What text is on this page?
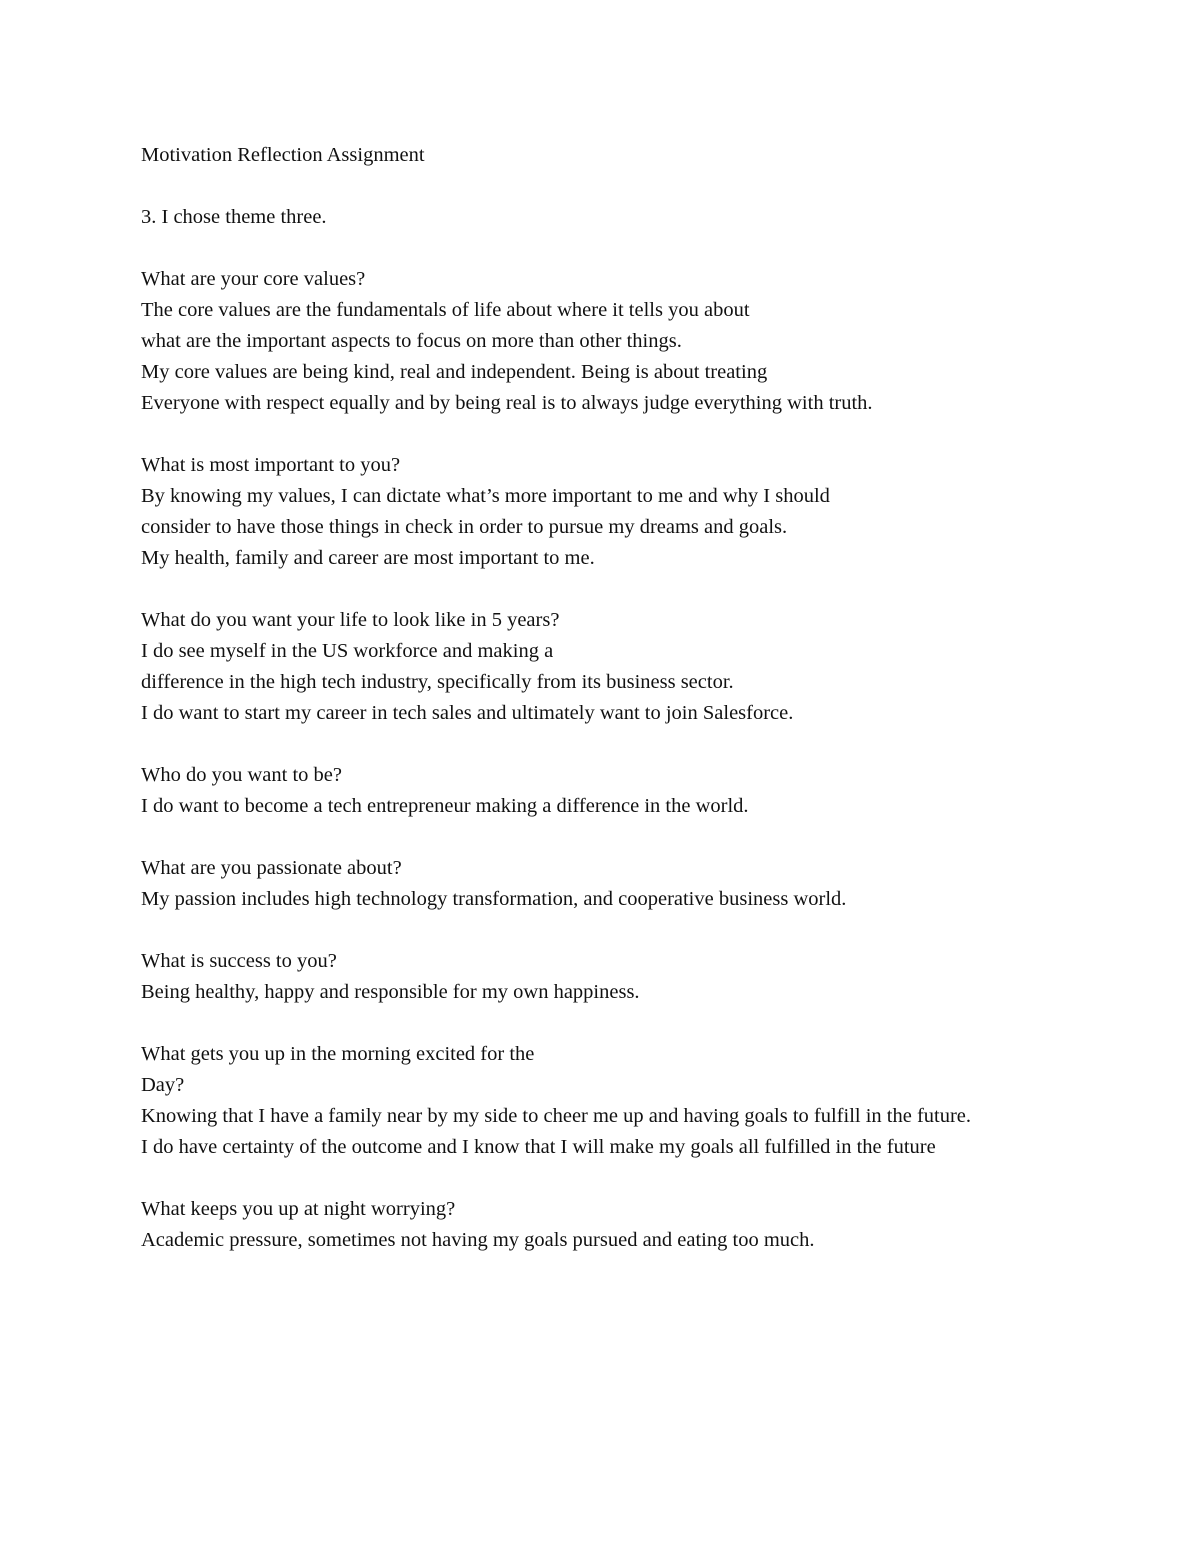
Motivation Reflection Assignment
3. I chose theme three.
What are your core values?
The core values are the fundamentals of life about where it tells you about
what are the important aspects to focus on more than other things.
My core values are being kind, real and independent. Being is about treating
Everyone with respect equally and by being real is to always judge everything with truth.
What is most important to you?
By knowing my values, I can dictate what’s more important to me and why I should
consider to have those things in check in order to pursue my dreams and goals.
My health, family and career are most important to me.
What do you want your life to look like in 5 years?
I do see myself in the US workforce and making a
difference in the high tech industry, specifically from its business sector.
I do want to start my career in tech sales and ultimately want to join Salesforce.
Who do you want to be?
I do want to become a tech entrepreneur making a difference in the world.
What are you passionate about?
My passion includes high technology transformation, and cooperative business world.
What is success to you?
Being healthy, happy and responsible for my own happiness.
What gets you up in the morning excited for the
Day?
Knowing that I have a family near by my side to cheer me up and having goals to fulfill in the future.
I do have certainty of the outcome and I know that I will make my goals all fulfilled in the future
What keeps you up at night worrying?
Academic pressure, sometimes not having my goals pursued and eating too much.
